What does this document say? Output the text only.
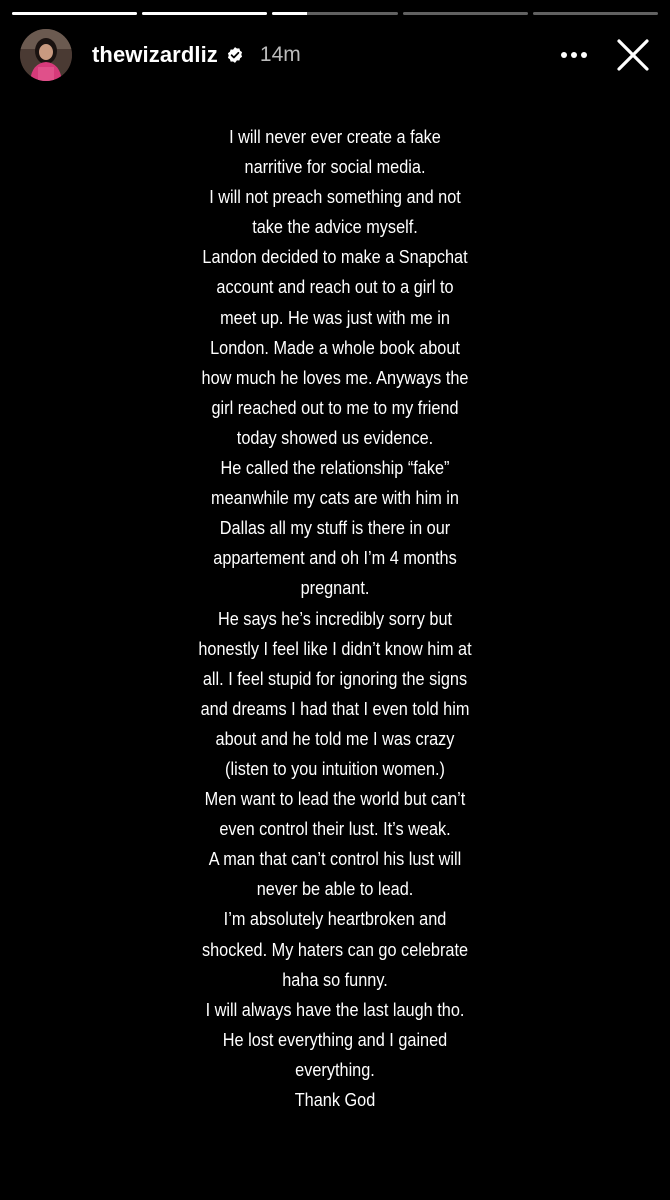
thewizardliz 14m
I will never ever create a fake
narritive for social media.
I will not preach something and not
take the advice myself.
Landon decided to make a Snapchat
account and reach out to a girl to
meet up. He was just with me in
London. Made a whole book about
how much he loves me. Anyways the
girl reached out to me to my friend
today showed us evidence.
He called the relationship “fake”
meanwhile my cats are with him in
Dallas all my stuff is there in our
appartement and oh I’m 4 months
pregnant.
He says he’s incredibly sorry but
honestly I feel like I didn’t know him at
all. I feel stupid for ignoring the signs
and dreams I had that I even told him
about and he told me I was crazy
(listen to you intuition women.)
Men want to lead the world but can’t
even control their lust. It’s weak.
A man that can’t control his lust will
never be able to lead.
I’m absolutely heartbroken and
shocked. My haters can go celebrate
haha so funny.
I will always have the last laugh tho.
He lost everything and I gained
everything.
Thank God
